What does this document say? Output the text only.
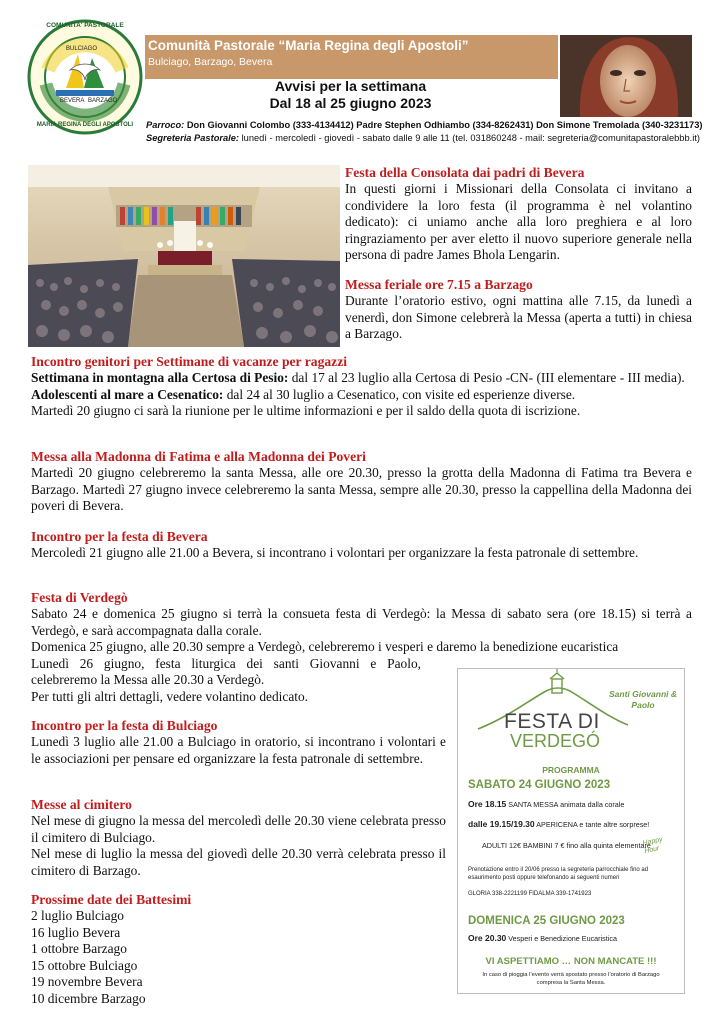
COMUNITA' PASTORALE
BULCIAGO
BEVERA BARZAGO
MARIA REGINA DEGLI APOSTOLI
Comunità Pastorale “Maria Regina degli Apostoli”
Bulciago, Barzago, Bevera
Avvisi per la settimana
Dal 18 al 25 giugno 2023
Parroco: Don Giovanni Colombo (333-4134412) Padre Stephen Odhiambo (334-8262431) Don Simone Tremolada (340-3231173)
Segreteria Pastorale: lunedì - mercoledì - giovedì - sabato dalle 9 alle 11 (tel. 031860248 - mail: segreteria@comunitapastoralebbb.it)
Festa della Consolata dai padri di Bevera
In questi giorni i Missionari della Consolata ci invitano a condividere la loro festa (il programma è nel volantino dedicato): ci uniamo anche alla loro preghiera e al loro ringraziamento per aver eletto il nuovo superiore generale nella persona di padre James Bhola Lengarin.
Messa feriale ore 7.15 a Barzago
Durante l’oratorio estivo, ogni mattina alle 7.15, da lunedì a venerdì, don Simone celebrerà la Messa (aperta a tutti) in chiesa a Barzago.
Incontro genitori per Settimane di vacanze per ragazzi
Settimana in montagna alla Certosa di Pesio: dal 17 al 23 luglio alla Certosa di Pesio -CN- (III elementare - III media).
Adolescenti al mare a Cesenatico: dal 24 al 30 luglio a Cesenatico, con visite ed esperienze diverse.
Martedì 20 giugno ci sarà la riunione per le ultime informazioni e per il saldo della quota di iscrizione.
Messa alla Madonna di Fatima e alla Madonna dei Poveri
Martedì 20 giugno celebreremo la santa Messa, alle ore 20.30, presso la grotta della Madonna di Fatima tra Bevera e Barzago. Martedì 27 giugno invece celebreremo la santa Messa, sempre alle 20.30, presso la cappellina della Madonna dei poveri di Bevera.
Incontro per la festa di Bevera
Mercoledì 21 giugno alle 21.00 a Bevera, si incontrano i volontari per organizzare la festa patronale di settembre.
Festa di Verdegò
Sabato 24 e domenica 25 giugno si terrà la consueta festa di Verdegò: la Messa di sabato sera (ore 18.15) si terrà a Verdegò, e sarà accompagnata dalla corale.
Domenica 25 giugno, alle 20.30 sempre a Verdegò, celebreremo i vesperi e daremo la benedizione eucaristica
Lunedì 26 giugno, festa liturgica dei santi Giovanni e Paolo, celebreremo la Messa alle 20.30 a Verdegò.
Per tutti gli altri dettagli, vedere volantino dedicato.
Incontro per la festa di Bulciago
Lunedì 3 luglio alle 21.00 a Bulciago in oratorio, si incontrano i volontari e le associazioni per pensare ed organizzare la festa patronale di settembre.
Messe al cimitero
Nel mese di giugno la messa del mercoledì delle 20.30 viene celebrata presso il cimitero di Bulciago.
Nel mese di luglio la messa del giovedì delle 20.30 verrà celebrata presso il cimitero di Barzago.
Prossime date dei Battesimi
2 luglio Bulciago
16 luglio Bevera
1 ottobre Barzago
15 ottobre Bulciago
19 novembre Bevera
10 dicembre Barzago
Santi Giovanni & Paolo
FESTA DI
VERDEGÓ
PROGRAMMA
SABATO 24 GIUGNO 2023
Ore 18.15 SANTA MESSA animata dalla corale
dalle 19.15/19.30 APERICENA e tante altre sorprese!
ADULTI 12€ BAMBINI 7 € fino alla quinta elementare
Happy Hour
Prenotazione entro il 20/06 presso la segreteria parrocchiale fino ad
esaurimento posti oppure telefonando ai seguenti numeri
GLORIA 338-2221199 FIDALMA 339-1741923
DOMENICA 25 GIUGNO 2023
Ore 20.30 Vesperi e Benedizione Eucaristica
VI ASPETTIAMO … NON MANCATE !!!
In caso di pioggia l’evento verrà spostato presso l’oratorio di Barzago
compresa la Santa Messa.
